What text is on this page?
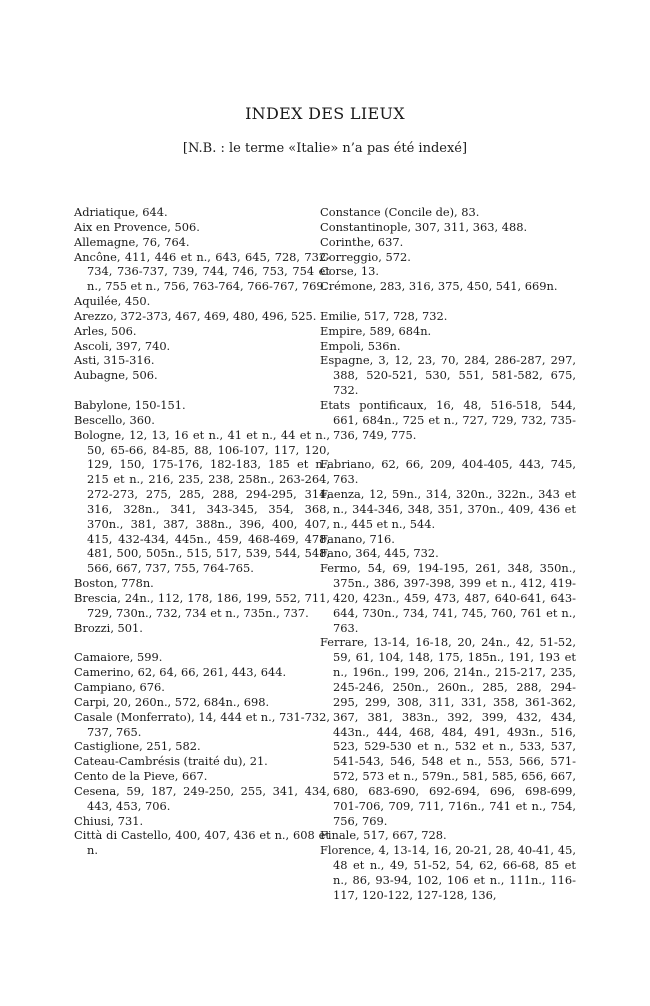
INDEX DES LIEUX
[N.B. : le terme «Italie» n’a pas été indexé]

Adriatique, 644.

Aix en Provence, 506.

Allemagne, 76, 764.

Ancône, 411, 446 et n., 643, 645, 728, 732-734, 736-737, 739, 744, 746, 753, 754 et n., 755 et n., 756, 763-764, 766-767, 769.

Aquilée, 450.

Arezzo, 372-373, 467, 469, 480, 496, 525.

Arles, 506.

Ascoli, 397, 740.

Asti, 315-316.

Aubagne, 506.

Babylone, 150-151.

Bescello, 360.

Bologne, 12, 13, 16 et n., 41 et n., 44 et n., 50, 65-66, 84-85, 88, 106-107, 117, 120, 129, 150, 175-176, 182-183, 185 et n., 215 et n., 216, 235, 238, 258n., 263-264, 272-273, 275, 285, 288, 294-295, 314, 316, 328n., 341, 343-345, 354, 368, 370n., 381, 387, 388n., 396, 400, 407, 415, 432-434, 445n., 459, 468-469, 478, 481, 500, 505n., 515, 517, 539, 544, 548, 566, 667, 737, 755, 764-765.

Boston, 778n.

Brescia, 24n., 112, 178, 186, 199, 552, 711, 729, 730n., 732, 734 et n., 735n., 737.

Brozzi, 501.

Camaiore, 599.

Camerino, 62, 64, 66, 261, 443, 644.

Campiano, 676.

Carpi, 20, 260n., 572, 684n., 698.

Casale (Monferrato), 14, 444 et n., 731-732, 737, 765.

Castiglione, 251, 582.

Cateau-Cambrésis (traité du), 21.

Cento de la Pieve, 667.

Cesena, 59, 187, 249-250, 255, 341, 434, 443, 453, 706.

Chiusi, 731.

Città di Castello, 400, 407, 436 et n., 608 et n.

Constance (Concile de), 83.

Constantinople, 307, 311, 363, 488.

Corinthe, 637.

Correggio, 572.

Corse, 13.

Crémone, 283, 316, 375, 450, 541, 669n.

Emilie, 517, 728, 732.

Empire, 589, 684n.

Empoli, 536n.

Espagne, 3, 12, 23, 70, 284, 286-287, 297, 388, 520-521, 530, 551, 581-582, 675, 732.

Etats pontificaux, 16, 48, 516-518, 544, 661, 684n., 725 et n., 727, 729, 732, 735-736, 749, 775.

Fabriano, 62, 66, 209, 404-405, 443, 745, 763.

Faenza, 12, 59n., 314, 320n., 322n., 343 et n., 344-346, 348, 351, 370n., 409, 436 et n., 445 et n., 544.

Fanano, 716.

Fano, 364, 445, 732.

Fermo, 54, 69, 194-195, 261, 348, 350n., 375n., 386, 397-398, 399 et n., 412, 419-420, 423n., 459, 473, 487, 640-641, 643-644, 730n., 734, 741, 745, 760, 761 et n., 763.

Ferrare, 13-14, 16-18, 20, 24n., 42, 51-52, 59, 61, 104, 148, 175, 185n., 191, 193 et n., 196n., 199, 206, 214n., 215-217, 235, 245-246, 250n., 260n., 285, 288, 294-295, 299, 308, 311, 331, 358, 361-362, 367, 381, 383n., 392, 399, 432, 434, 443n., 444, 468, 484, 491, 493n., 516, 523, 529-530 et n., 532 et n., 533, 537, 541-543, 546, 548 et n., 553, 566, 571-572, 573 et n., 579n., 581, 585, 656, 667, 680, 683-690, 692-694, 696, 698-699, 701-706, 709, 711, 716n., 741 et n., 754, 756, 769.

Finale, 517, 667, 728.

Florence, 4, 13-14, 16, 20-21, 28, 40-41, 45, 48 et n., 49, 51-52, 54, 62, 66-68, 85 et n., 86, 93-94, 102, 106 et n., 111n., 116-117, 120-122, 127-128, 136,
